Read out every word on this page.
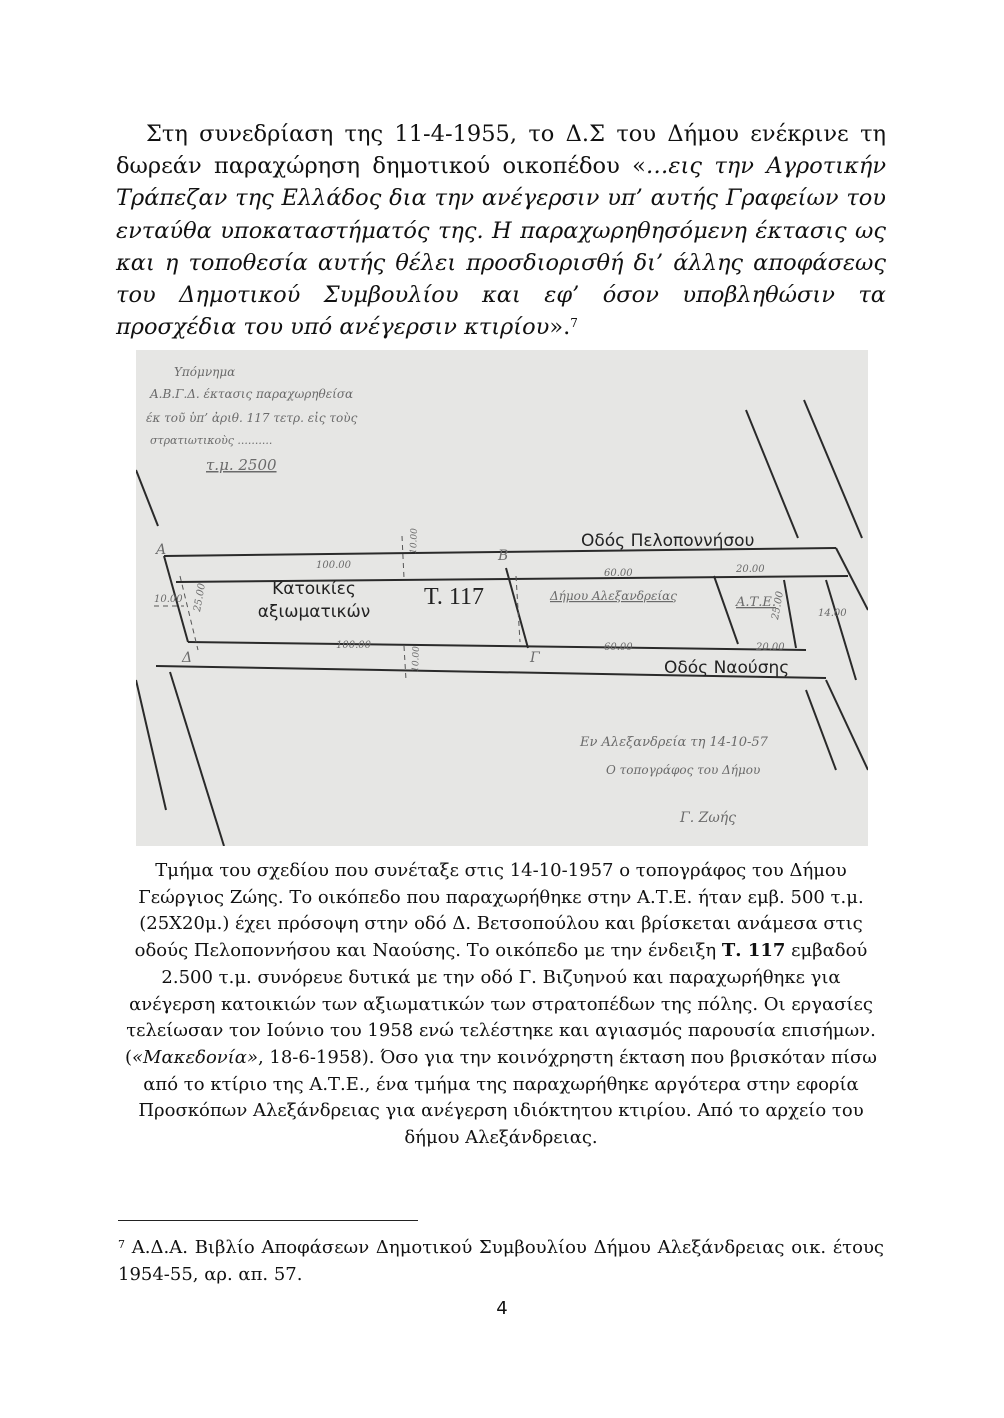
Στη συνεδρίαση της 11-4-1955, το Δ.Σ του Δήμου ενέκρινε τη δωρεάν παραχώρηση δημοτικού οικοπέδου «…εις την Αγροτικήν Τράπεζαν της Ελλάδος δια την ανέγερσιν υπ’ αυτής Γραφείων του ενταύθα υποκαταστήματός της. Η παραχωρηθησόμενη έκτασις ως και η τοποθεσία αυτής θέλει προσδιορισθή δι’ άλλης αποφάσεως του Δημοτικού Συμβουλίου και εφ’ όσον υποβληθώσιν τα προσχέδια του υπό ανέγερσιν κτιρίου».$^7$

Υπόμνημα
Α.Β.Γ.Δ. έκτασις παραχωρηθείσα
έκ τοῦ ὑπ’ ἀριθ. 117 τετρ. εἰς τοὺς
στρατιωτικοὺς ..........
τ.μ. 2500
Α	Β
Γ
Δ
100.00
100.00
60.00
60.00
20.00
20.00
25.00
25.00
10.00
14.00
10.00
10.00
Τ. 117	Δήμου Αλεξανδρείας	Α.Τ.Ε.
Εν Αλεξανδρεία τη 14-10-57
Ο τοπογράφος του Δήμου
Γ. Ζωής
Οδός Πελοποννήσου
Οδός Ναούσης
Κατοικίες
αξιωματικών
Τμήμα του σχεδίου που συνέταξε στις 14-10-1957 ο τοπογράφος του Δήμου Γεώργιος Ζώης. Το οικόπεδο που παραχωρήθηκε στην Α.Τ.Ε. ήταν εμβ. 500 τ.μ. (25Χ20μ.) έχει πρόσοψη στην οδό Δ. Βετσοπούλου και βρίσκεται ανάμεσα στις οδούς Πελοποννήσου και Ναούσης. Το οικόπεδο με την ένδειξη Τ. 117 εμβαδού 2.500 τ.μ. συνόρευε δυτικά με την οδό Γ. Βιζυηνού και παραχωρήθηκε για ανέγερση κατοικιών των αξιωματικών των στρατοπέδων της πόλης. Οι εργασίες τελείωσαν τον Ιούνιο του 1958 ενώ τελέστηκε και αγιασμός παρουσία επισήμων. («Μακεδονία», 18-6-1958). Όσο για την κοινόχρηστη έκταση που βρισκόταν πίσω από το κτίριο της Α.Τ.Ε., ένα τμήμα της παραχωρήθηκε αργότερα στην εφορία Προσκόπων Αλεξάνδρειας για ανέγερση ιδιόκτητου κτιρίου. Από το αρχείο του δήμου Αλεξάνδρειας.
$^7$ Α.Δ.Α. Βιβλίο Αποφάσεων Δημοτικού Συμβουλίου Δήμου Αλεξάνδρειας οικ. έτους 1954-55, αρ. απ. 57.
4
